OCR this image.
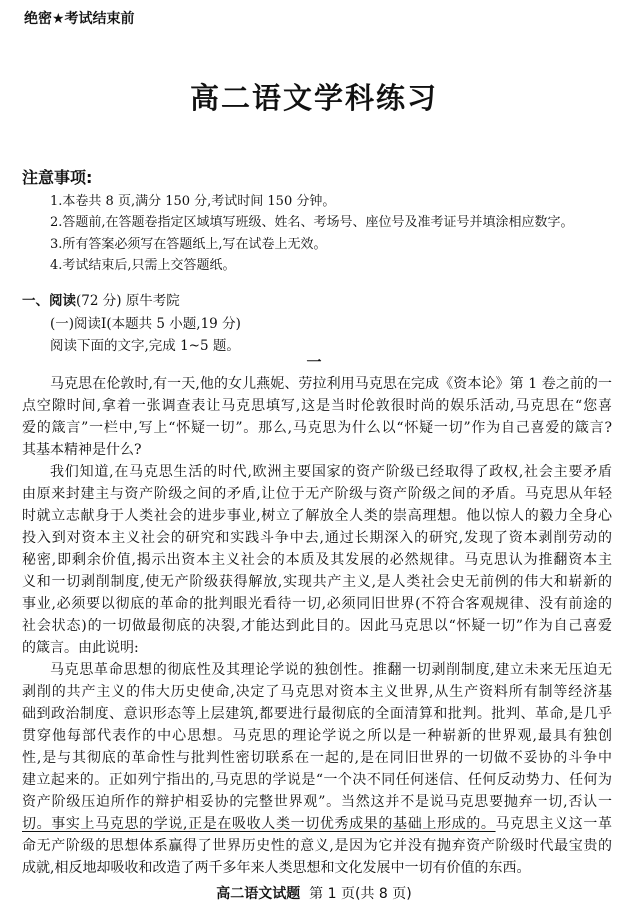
绝密★考试结束前
高二语文学科练习
注意事项:
1.本卷共 8 页,满分 150 分,考试时间 150 分钟。
2.答题前,在答题卷指定区域填写班级、姓名、考场号、座位号及准考证号并填涂相应数字。
3.所有答案必须写在答题纸上,写在试卷上无效。
4.考试结束后,只需上交答题纸。
一、阅读(72 分) 原牛考院
(一)阅读Ⅰ(本题共 5 小题,19 分)
阅读下面的文字,完成 1~5 题。
一
马克思在伦敦时,有一天,他的女儿燕妮、劳拉利用马克思在完成《资本论》第 1 卷之前的一
点空隙时间,拿着一张调查表让马克思填写,这是当时伦敦很时尚的娱乐活动,马克思在“您喜
爱的箴言”一栏中,写上“怀疑一切”。那么,马克思为什么以“怀疑一切”作为自己喜爱的箴言?
其基本精神是什么?
我们知道,在马克思生活的时代,欧洲主要国家的资产阶级已经取得了政权,社会主要矛盾
由原来封建主与资产阶级之间的矛盾,让位于无产阶级与资产阶级之间的矛盾。马克思从年轻
时就立志献身于人类社会的进步事业,树立了解放全人类的崇高理想。他以惊人的毅力全身心
投入到对资本主义社会的研究和实践斗争中去,通过长期深入的研究,发现了资本剥削劳动的
秘密,即剩余价值,揭示出资本主义社会的本质及其发展的必然规律。马克思认为推翻资本主
义和一切剥削制度,使无产阶级获得解放,实现共产主义,是人类社会史无前例的伟大和崭新的
事业,必须要以彻底的革命的批判眼光看待一切,必须同旧世界(不符合客观规律、没有前途的
社会状态)的一切做最彻底的决裂,才能达到此目的。因此马克思以“怀疑一切”作为自己喜爱
的箴言。由此说明:
马克思革命思想的彻底性及其理论学说的独创性。推翻一切剥削制度,建立未来无压迫无
剥削的共产主义的伟大历史使命,决定了马克思对资本主义世界,从生产资料所有制等经济基
础到政治制度、意识形态等上层建筑,都要进行最彻底的全面清算和批判。批判、革命,是几乎
贯穿他每部代表作的中心思想。马克思的理论学说之所以是一种崭新的世界观,最具有独创
性,是与其彻底的革命性与批判性密切联系在一起的,是在同旧世界的一切做不妥协的斗争中
建立起来的。正如列宁指出的,马克思的学说是“一个决不同任何迷信、任何反动势力、任何为
资产阶级压迫所作的辩护相妥协的完整世界观”。当然这并不是说马克思要抛弃一切,否认一
切。事实上马克思的学说,正是在吸收人类一切优秀成果的基础上形成的。马克思主义这一革
命无产阶级的思想体系赢得了世界历史性的意义,是因为它并没有抛弃资产阶级时代最宝贵的
成就,相反地却吸收和改造了两千多年来人类思想和文化发展中一切有价值的东西。
高二语文试题 第 1 页(共 8 页)
